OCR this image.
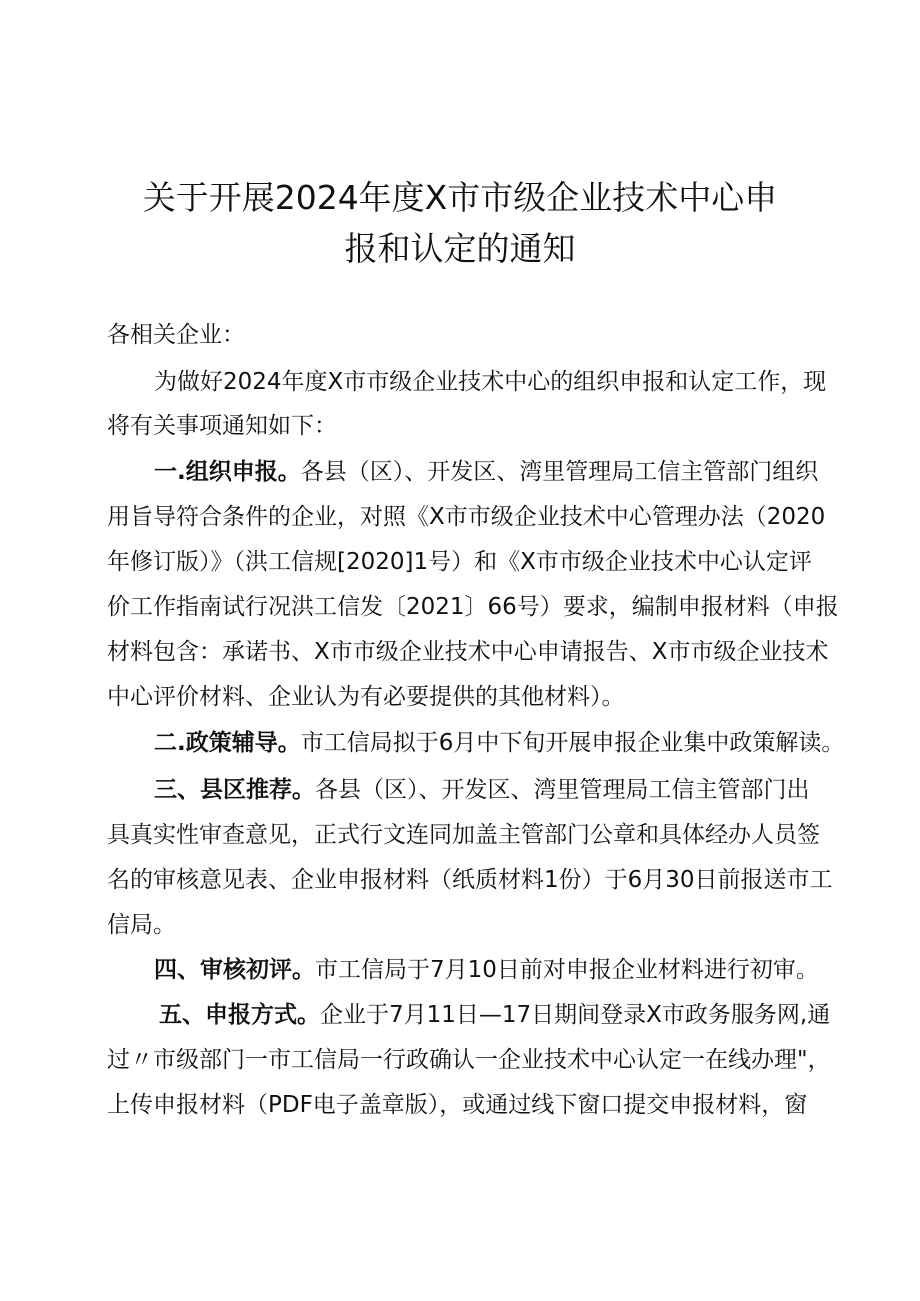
关于开展2024年度X市市级企业技术中心申
报和认定的通知
各相关企业：
为做好2024年度X市市级企业技术中心的组织申报和认定工作，现
将有关事项通知如下：
一.组织申报。各县（区）、开发区、湾里管理局工信主管部门组织
用旨导符合条件的企业，对照《X市市级企业技术中心管理办法（2020
年修订版）》（洪工信规[2020]1号）和《X市市级企业技术中心认定评
价工作指南试行况洪工信发〔2021〕66号）要求，编制申报材料（申报
材料包含：承诺书、X市市级企业技术中心申请报告、X市市级企业技术
中心评价材料、企业认为有必要提供的其他材料）。
二.政策辅导。市工信局拟于6月中下旬开展申报企业集中政策解读。
三、县区推荐。各县（区）、开发区、湾里管理局工信主管部门出
具真实性审查意见，正式行文连同加盖主管部门公章和具体经办人员签
名的审核意见表、企业申报材料（纸质材料1份）于6月30日前报送市工
信局。
四、审核初评。市工信局于7月10日前对申报企业材料进行初审。
五、申报方式。企业于7月11日—17日期间登录X市政务服务网,通
过〃市级部门一市工信局一行政确认一企业技术中心认定一在线办理"，
上传申报材料（PDF电子盖章版），或通过线下窗口提交申报材料，窗
